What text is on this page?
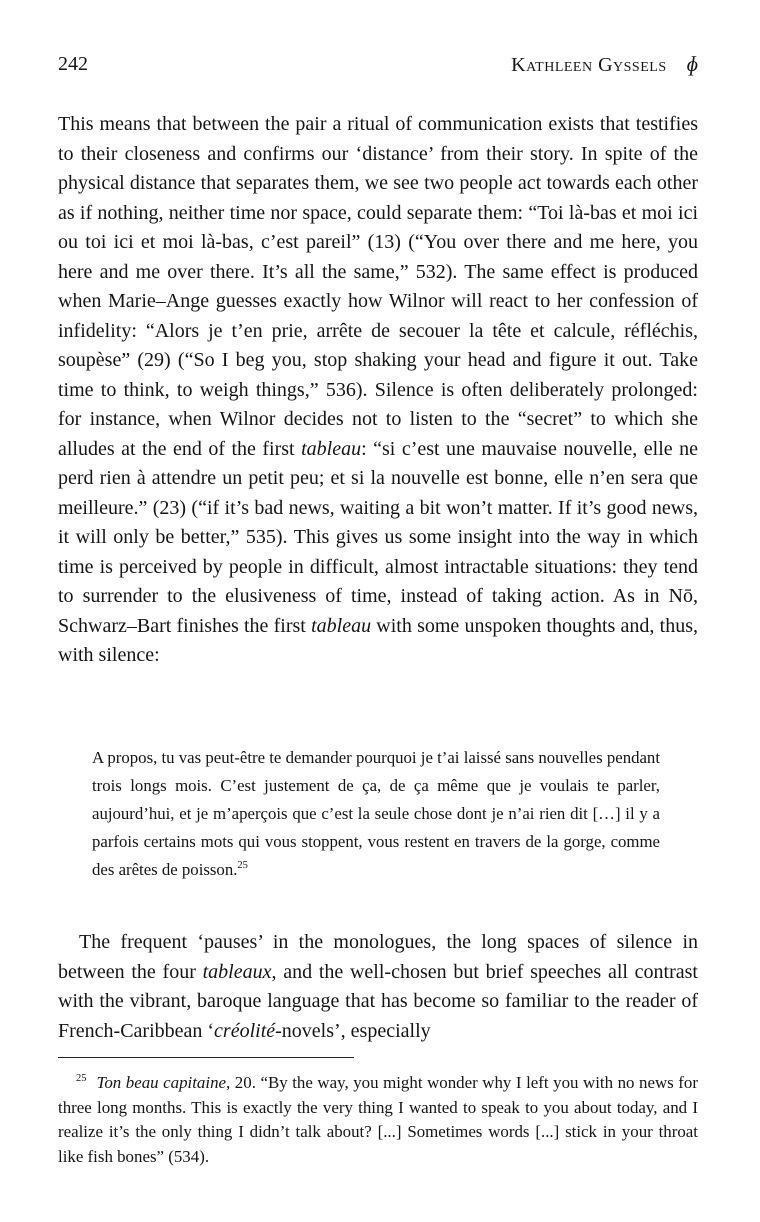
242	Kathleen Gyssels ɸ

This means that between the pair a ritual of communication exists that testifies to their closeness and confirms our ‘distance’ from their story. In spite of the physical distance that separates them, we see two people act towards each other as if nothing, neither time nor space, could separate them: “Toi là-bas et moi ici ou toi ici et moi là-bas, c’est pareil” (13) (“You over there and me here, you here and me over there. It’s all the same,” 532). The same effect is produced when Marie–Ange guesses exactly how Wilnor will react to her confession of infidelity: “Alors je t’en prie, arrête de secouer la tête et calcule, réfléchis, soupèse” (29) (“So I beg you, stop shaking your head and figure it out. Take time to think, to weigh things,” 536). Silence is often deliberately prolonged: for instance, when Wilnor decides not to listen to the “secret” to which she alludes at the end of the first tableau: “si c’est une mauvaise nouvelle, elle ne perd rien à attendre un petit peu; et si la nouvelle est bonne, elle n’en sera que meilleure.” (23) (“if it’s bad news, waiting a bit won’t matter. If it’s good news, it will only be better,” 535). This gives us some insight into the way in which time is perceived by people in difficult, almost intractable situations: they tend to surrender to the elusiveness of time, instead of taking action. As in Nō, Schwarz–Bart finishes the first tableau with some unspoken thoughts and, thus, with silence:

A propos, tu vas peut-être te demander pourquoi je t’ai laissé sans nouvelles pendant trois longs mois. C’est justement de ça, de ça même que je voulais te parler, aujourd’hui, et je m’aperçois que c’est la seule chose dont je n’ai rien dit […] il y a parfois certains mots qui vous stoppent, vous restent en travers de la gorge, comme des arêtes de poisson.$^{25}$

The frequent ‘pauses’ in the monologues, the long spaces of silence in between the four tableaux, and the well-chosen but brief speeches all contrast with the vibrant, baroque language that has become so familiar to the reader of French-Caribbean ‘créolité-novels’, especially

$^{25}$ Ton beau capitaine, 20. “By the way, you might wonder why I left you with no news for three long months. This is exactly the very thing I wanted to speak to you about today, and I realize it’s the only thing I didn’t talk about? [...] Sometimes words [...] stick in your throat like fish bones” (534).
